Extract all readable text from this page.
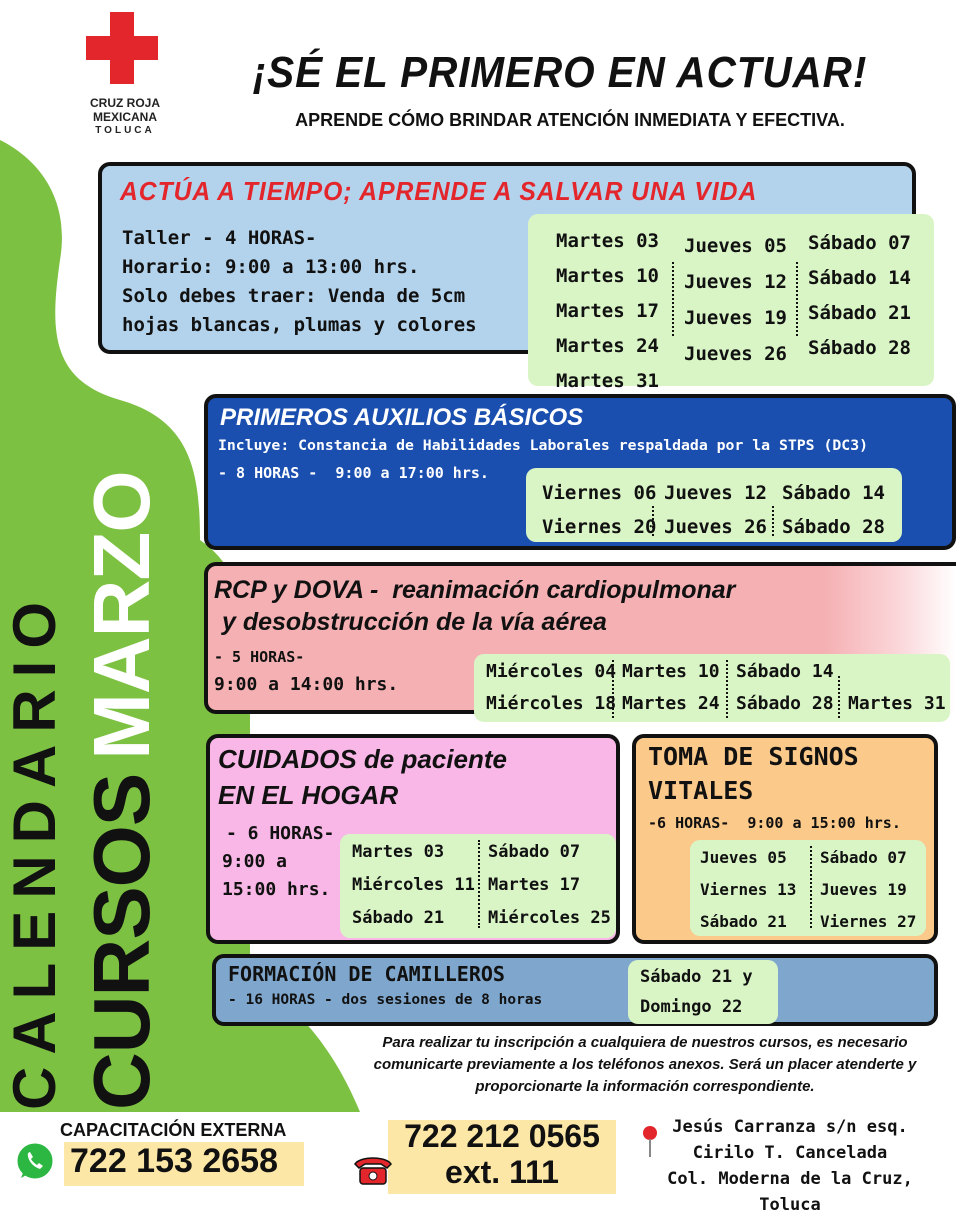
CRUZ ROJA
MEXICANA
TOLUCA
¡SÉ EL PRIMERO EN ACTUAR!
APRENDE CÓMO BRINDAR ATENCIÓN INMEDIATA Y EFECTIVA.
CALENDARIO CURSOSMARZO
ACTÚA A TIEMPO; APRENDE A SALVAR UNA VIDA
Taller - 4 HORAS-
Horario: 9:00 a 13:00 hrs.
Solo debes traer: Venda de 5cm
hojas blancas, plumas y colores
Martes 03
Martes 10
Martes 17
Martes 24
Martes 31
Jueves 05
Jueves 12
Jueves 19
Jueves 26
Sábado 07
Sábado 14
Sábado 21
Sábado 28
PRIMEROS AUXILIOS BÁSICOS
Incluye: Constancia de Habilidades Laborales respaldada por la STPS (DC3)
- 8 HORAS -  9:00 a 17:00 hrs.
Viernes 06
Viernes 20
Jueves 12
Jueves 26
Sábado 14
Sábado 28
RCP y DOVA -  reanimación cardiopulmonar
y desobstrucción de la vía aérea
- 5 HORAS-
9:00 a 14:00 hrs.
Miércoles 04
Miércoles 18
Martes 10
Martes 24
Sábado 14
Sábado 28 Martes 31
CUIDADOS de paciente
EN EL HOGAR
- 6 HORAS-
9:00 a
15:00 hrs.
Martes 03
Miércoles 11
Sábado 21
Sábado 07
Martes 17
Miércoles 25
TOMA DE SIGNOS
VITALES
-6 HORAS-  9:00 a 15:00 hrs.
Jueves 05
Viernes 13
Sábado 21
Sábado 07
Jueves 19
Viernes 27
FORMACIÓN DE CAMILLEROS
- 16 HORAS - dos sesiones de 8 horas
Sábado 21 y
Domingo 22
Para realizar tu inscripción a cualquiera de nuestros cursos, es necesario comunicarte previamente a los teléfonos anexos. Será un placer atenderte y proporcionarte la información correspondiente.
CAPACITACIÓN EXTERNA
722 153 2658
722 212 0565
ext. 111
Jesús Carranza s/n esq.
Cirilo T. Cancelada
Col. Moderna de la Cruz, Toluca
